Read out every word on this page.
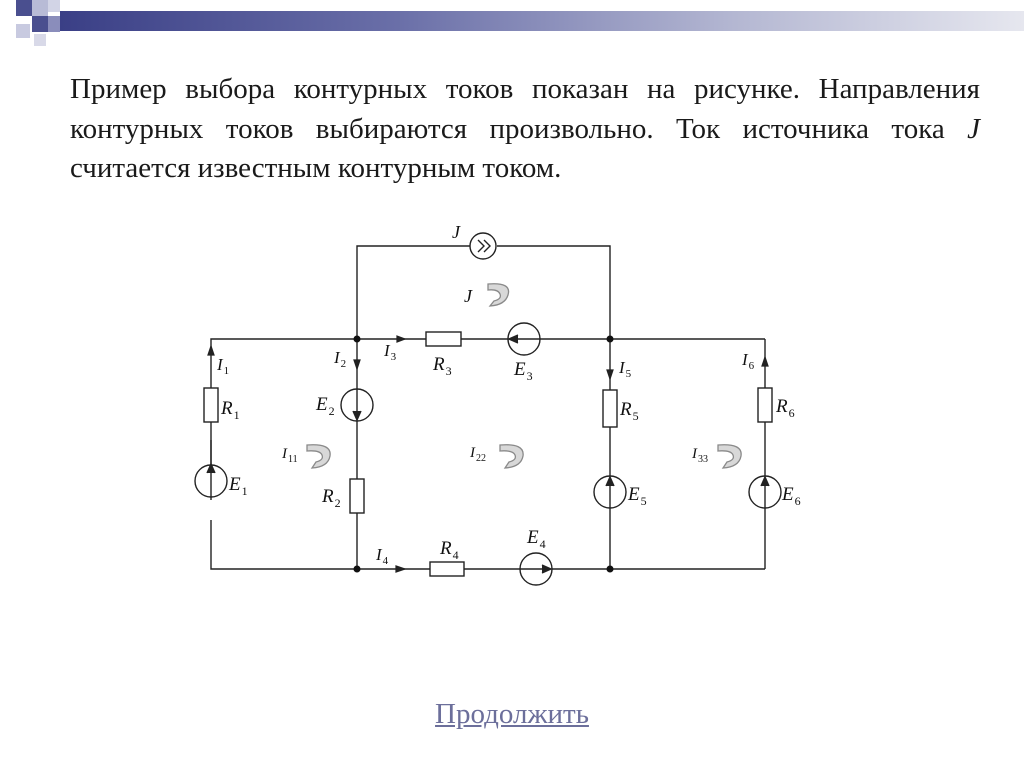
Пример выбора контурных токов показан на рисунке. Направления контурных токов выбираются произвольно. Ток источника тока J считается известным контурным током.

J
J
$I_1$
$I_2$
$I_3$
$I_4$
$I_5$
$I_6$
$R_1$
$R_2$
$R_3$
$R_4$
$R_5$	$R_6$
$E_1$
$E_2$
$E_3$
$E_4$
$E_5$	$E_6$
$I_{11}$	$I_{22}$	$I_{33}$
Продолжить
